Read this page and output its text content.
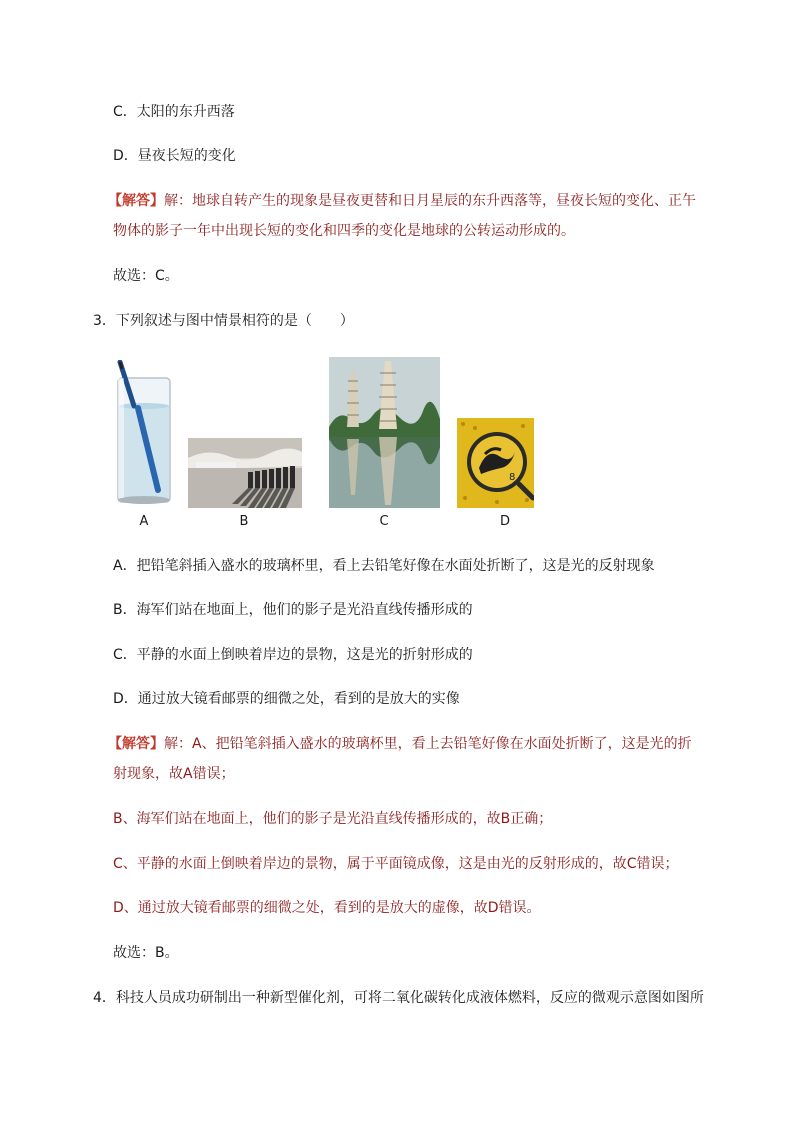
C．太阳的东升西落
D．昼夜长短的变化
【解答】解：地球自转产生的现象是昼夜更替和日月星辰的东升西落等，昼夜长短的变化、正午
物体的影子一年中出现长短的变化和四季的变化是地球的公转运动形成的。
故选：C。
3．下列叙述与图中情景相符的是（　　）
A	B	C
8
D
A．把铅笔斜插入盛水的玻璃杯里，看上去铅笔好像在水面处折断了，这是光的反射现象
B．海军们站在地面上，他们的影子是光沿直线传播形成的
C．平静的水面上倒映着岸边的景物，这是光的折射形成的
D．通过放大镜看邮票的细微之处，看到的是放大的实像
【解答】解：A、把铅笔斜插入盛水的玻璃杯里，看上去铅笔好像在水面处折断了，这是光的折
射现象，故A错误；
B、海军们站在地面上，他们的影子是光沿直线传播形成的，故B正确；
C、平静的水面上倒映着岸边的景物，属于平面镜成像，这是由光的反射形成的，故C错误；
D、通过放大镜看邮票的细微之处，看到的是放大的虚像，故D错误。
故选：B。
4．科技人员成功研制出一种新型催化剂，可将二氧化碳转化成液体燃料，反应的微观示意图如图所
